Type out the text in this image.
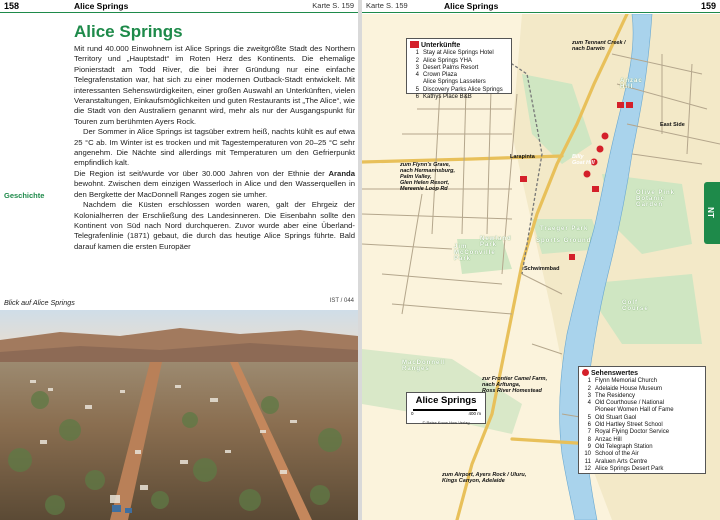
158	Alice Springs	Karte S. 159
Alice Springs

Mit rund 40.000 Einwohnern ist Alice Springs die zweitgrößte Stadt des Northern Territory und „Hauptstadt“ im Roten Herz des Kontinents. Die ehemalige Pionierstadt am Todd River, die bei ihrer Gründung nur eine einfache Telegrafenstation war, hat sich zu einer modernen Outback-Stadt entwickelt. Mit interessanten Sehenswürdigkeiten, einer großen Auswahl an Unterkünften, vielen Veranstaltungen, Einkaufsmöglichkeiten und guten Restaurants ist „The Alice“, wie die Stadt von den Australiern genannt wird, mehr als nur der Ausgangspunkt für Touren zum berühmten Ayers Rock.

Der Sommer in Alice Springs ist tagsüber extrem heiß, nachts kühlt es auf etwa 25 °C ab. Im Winter ist es trocken und mit Tagestemperaturen von 20–25 °C sehr angenehm. Die Nächte sind allerdings mit Temperaturen um den Gefrierpunkt empfindlich kalt.

Die Region ist seit/wurde vor über 30.000 Jahren von der Ethnie der Aranda bewohnt. Zwischen dem einzigen Wasserloch in Alice und den Wasserquellen in den Bergkette der MacDonnell Ranges zogen sie umher.

Nachdem die Küsten erschlossen worden waren, galt der Ehrgeiz der Kolonialherren der Erschließung des Landesinneren. Die Eisenbahn sollte den Kontinent von Süd nach Nord durchqueren. Zuvor wurde aber eine Überland-Telegrafenlinie (1871) gebaut, die durch das heutige Alice Springs führte. Bald darauf kamen die ersten Europäer

Geschichte
Blick auf Alice Springs	IST / 044
Karte S. 159	Alice Springs	159
Unterkünfte
1 Stay at Alice Springs Hotel
2 Alice Springs YHA
3 Desert Palms Resort
4 Crown Plaza
Alice Springs Lasseters
5 Discovery Parks Alice Springs
6 Kathys Place B&B
Sehenswertes
1 Flynn Memorial Church
2 Adelaide House Museum
3 The Residency
4 Old Courthouse / National
Pioneer Women Hall of Fame
5 Old Stuart Gaol
6 Old Hartley Street School
7 Royal Flying Doctor Service
8 Anzac Hill
9 Old Telegraph Station
10 School of the Air
11 Araluen Arts Centre
12 Alice Springs Desert Park
Alice Springs
0	400 m
© Reise Know-How Verlag
zum Tennant Creek /
nach Darwin
zum Flynn's Grave,
nach Hermannsburg,
Palm Valley,
Glen Helen Resort,
Mereenie Loop Rd
zur Frontier Camel Farm,
nach Arltunga,
Ross River Homestead
zum Airport, Ayers Rock / Uluru,
Kings Canyon, Adelaide
Larapinta
Schwimmbad
East Side
Billy
Goat Hill
Anzac
Hill
Olive Pink
Botanic
Garden
Golf
Course
Traeger Park
Sports Ground
Newland
Park
Jim
McConville
Park
MacDonnell
Ranges
NT
